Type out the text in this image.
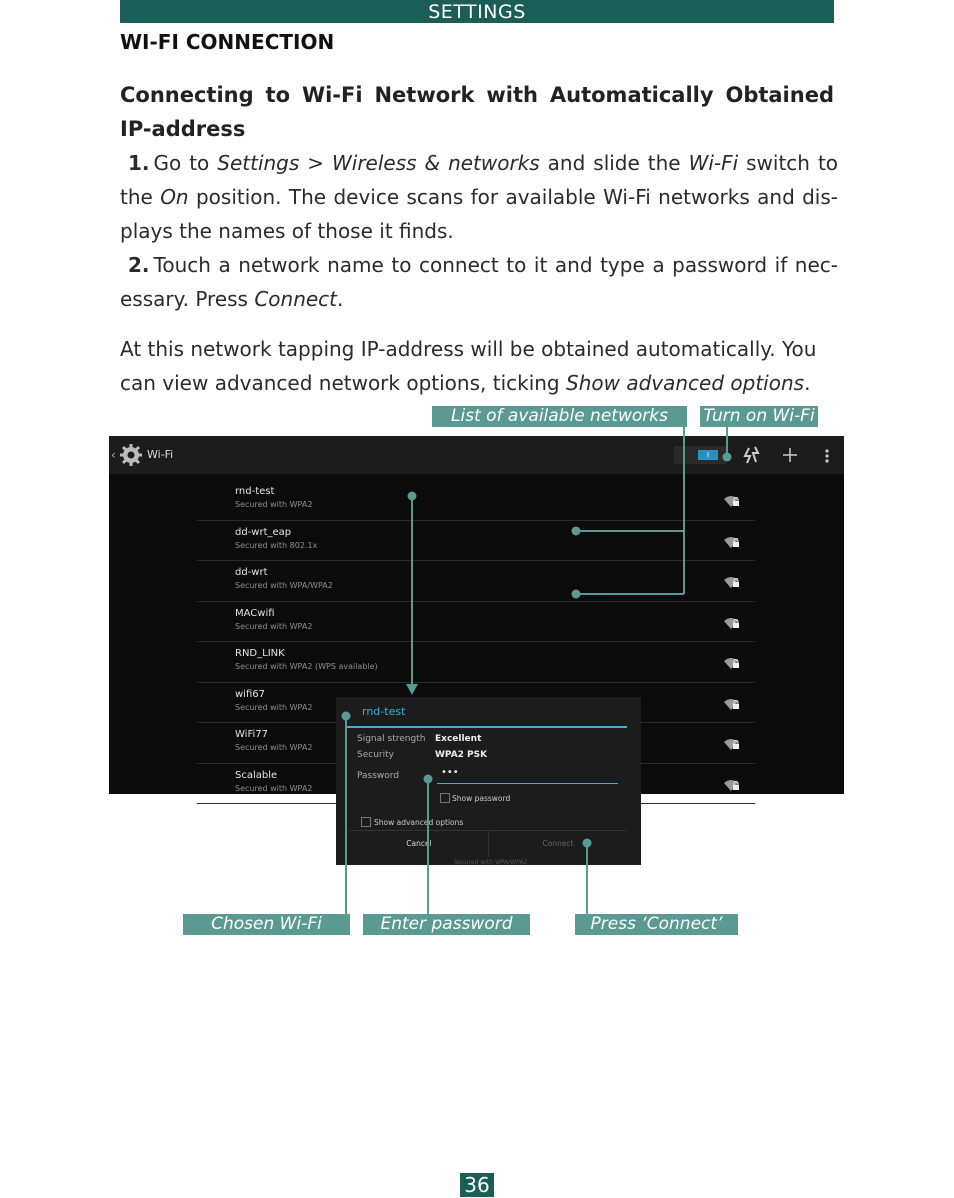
SETTINGS
WI-FI CONNECTION
Connecting to Wi-Fi Network with Automatically Obtained IP-address
1. Go to Settings > Wireless & networks and slide the Wi-Fi switch to the On position. The device scans for available Wi-Fi networks and dis-plays the names of those it finds.
2. Touch a network name to connect to it and type a password if nec-essary. Press Connect.
At this network tapping IP-address will be obtained automatically. You can view advanced network options, ticking Show advanced options.
List of available networks	Turn on Wi-Fi
‹	Wi-Fi	I
rnd-test
Secured with WPA2
dd-wrt_eap
Secured with 802.1x
dd-wrt
Secured with WPA/WPA2
MACwifi
Secured with WPA2
RND_LINK
Secured with WPA2 (WPS available)
wifi67
Secured with WPA2
WiFi77
Secured with WPA2
Scalable
Secured with WPA2
rnd-test
Signal strength Excellent
Security	WPA2 PSK
Password	•••
Show password
Show advanced options
Cancel	Connect
Secured with WPA/WPA2
Chosen Wi-Fi	Enter password	Press ‘Connect’
36
